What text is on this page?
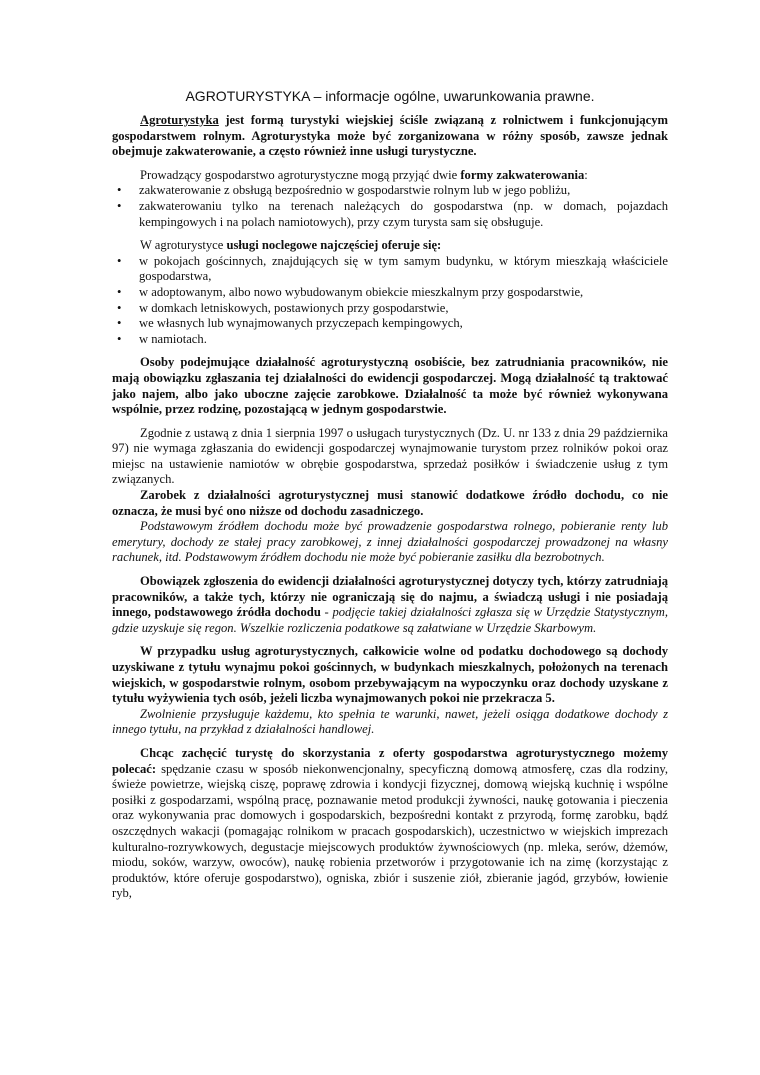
AGROTURYSTYKA – informacje ogólne, uwarunkowania prawne.

Agroturystyka jest formą turystyki wiejskiej ściśle związaną z rolnictwem i funkcjonującym gospodarstwem rolnym. Agroturystyka może być zorganizowana w różny sposób, zawsze jednak obejmuje zakwaterowanie, a często również inne usługi turystyczne.

Prowadzący gospodarstwo agroturystyczne mogą przyjąć dwie formy zakwaterowania:

• zakwaterowanie z obsługą bezpośrednio w gospodarstwie rolnym lub w jego pobliżu,
• zakwaterowaniu tylko na terenach należących do gospodarstwa (np. w domach, pojazdach kempingowych i na polach namiotowych), przy czym turysta sam się obsługuje.

W agroturystyce usługi noclegowe najczęściej oferuje się:

• w pokojach gościnnych, znajdujących się w tym samym budynku, w którym mieszkają właściciele gospodarstwa,
• w adoptowanym, albo nowo wybudowanym obiekcie mieszkalnym przy gospodarstwie,
• w domkach letniskowych, postawionych przy gospodarstwie,
• we własnych lub wynajmowanych przyczepach kempingowych,
• w namiotach.

Osoby podejmujące działalność agroturystyczną osobiście, bez zatrudniania pracowników, nie mają obowiązku zgłaszania tej działalności do ewidencji gospodarczej. Mogą działalność tą traktować jako najem, albo jako uboczne zajęcie zarobkowe. Działalność ta może być również wykonywana wspólnie, przez rodzinę, pozostającą w jednym gospodarstwie.

Zgodnie z ustawą z dnia 1 sierpnia 1997 o usługach turystycznych (Dz. U. nr 133 z dnia 29 października 97) nie wymaga zgłaszania do ewidencji gospodarczej wynajmowanie turystom przez rolników pokoi oraz miejsc na ustawienie namiotów w obrębie gospodarstwa, sprzedaż posiłków i świadczenie usług z tym związanych.

Zarobek z działalności agroturystycznej musi stanowić dodatkowe źródło dochodu, co nie oznacza, że musi być ono niższe od dochodu zasadniczego.

Podstawowym źródłem dochodu może być prowadzenie gospodarstwa rolnego, pobieranie renty lub emerytury, dochody ze stałej pracy zarobkowej, z innej działalności gospodarczej prowadzonej na własny rachunek, itd. Podstawowym źródłem dochodu nie może być pobieranie zasiłku dla bezrobotnych.

Obowiązek zgłoszenia do ewidencji działalności agroturystycznej dotyczy tych, którzy zatrudniają pracowników, a także tych, którzy nie ograniczają się do najmu, a świadczą usługi i nie posiadają innego, podstawowego źródła dochodu - podjęcie takiej działalności zgłasza się w Urzędzie Statystycznym, gdzie uzyskuje się regon. Wszelkie rozliczenia podatkowe są załatwiane w Urzędzie Skarbowym.

W przypadku usług agroturystycznych, całkowicie wolne od podatku dochodowego są dochody uzyskiwane z tytułu wynajmu pokoi gościnnych, w budynkach mieszkalnych, położonych na terenach wiejskich, w gospodarstwie rolnym, osobom przebywającym na wypoczynku oraz dochody uzyskane z tytułu wyżywienia tych osób, jeżeli liczba wynajmowanych pokoi nie przekracza 5.

Zwolnienie przysługuje każdemu, kto spełnia te warunki, nawet, jeżeli osiąga dodatkowe dochody z innego tytułu, na przykład z działalności handlowej.

Chcąc zachęcić turystę do skorzystania z oferty gospodarstwa agroturystycznego możemy polecać: spędzanie czasu w sposób niekonwencjonalny, specyficzną domową atmosferę, czas dla rodziny, świeże powietrze, wiejską ciszę, poprawę zdrowia i kondycji fizycznej, domową wiejską kuchnię i wspólne posiłki z gospodarzami, wspólną pracę, poznawanie metod produkcji żywności, naukę gotowania i pieczenia oraz wykonywania prac domowych i gospodarskich, bezpośredni kontakt z przyrodą, formę zarobku, bądź oszczędnych wakacji (pomagając rolnikom w pracach gospodarskich), uczestnictwo w wiejskich imprezach kulturalno-rozrywkowych, degustacje miejscowych produktów żywnościowych (np. mleka, serów, dżemów, miodu, soków, warzyw, owoców), naukę robienia przetworów i przygotowanie ich na zimę (korzystając z produktów, które oferuje gospodarstwo), ogniska, zbiór i suszenie ziół, zbieranie jagód, grzybów, łowienie ryb,
